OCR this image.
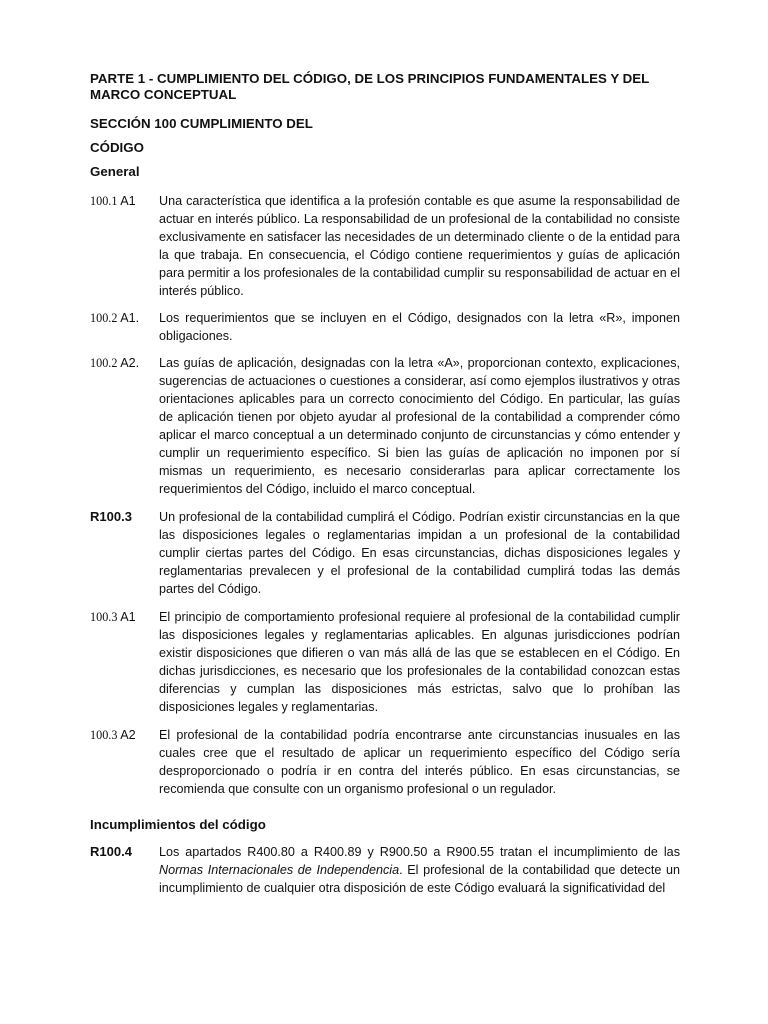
PARTE 1 - CUMPLIMIENTO DEL CÓDIGO, DE LOS PRINCIPIOS FUNDAMENTALES Y DEL MARCO CONCEPTUAL

SECCIÓN 100 CUMPLIMIENTO DEL

CÓDIGO

General

100.1 A1 Una característica que identifica a la profesión contable es que asume la responsabilidad de actuar en interés público. La responsabilidad de un profesional de la contabilidad no consiste exclusivamente en satisfacer las necesidades de un determinado cliente o de la entidad para la que trabaja. En consecuencia, el Código contiene requerimientos y guías de aplicación para permitir a los profesionales de la contabilidad cumplir su responsabilidad de actuar en el interés público.

100.2 A1. Los requerimientos que se incluyen en el Código, designados con la letra «R», imponen obligaciones.

100.2 A2. Las guías de aplicación, designadas con la letra «A», proporcionan contexto, explicaciones, sugerencias de actuaciones o cuestiones a considerar, así como ejemplos ilustrativos y otras orientaciones aplicables para un correcto conocimiento del Código. En particular, las guías de aplicación tienen por objeto ayudar al profesional de la contabilidad a comprender cómo aplicar el marco conceptual a un determinado conjunto de circunstancias y cómo entender y cumplir un requerimiento específico. Si bien las guías de aplicación no imponen por sí mismas un requerimiento, es necesario considerarlas para aplicar correctamente los requerimientos del Código, incluido el marco conceptual.

R100.3 Un profesional de la contabilidad cumplirá el Código. Podrían existir circunstancias en la que las disposiciones legales o reglamentarias impidan a un profesional de la contabilidad cumplir ciertas partes del Código. En esas circunstancias, dichas disposiciones legales y reglamentarias prevalecen y el profesional de la contabilidad cumplirá todas las demás partes del Código.

100.3 A1 El principio de comportamiento profesional requiere al profesional de la contabilidad cumplir las disposiciones legales y reglamentarias aplicables. En algunas jurisdicciones podrían existir disposiciones que difieren o van más allá de las que se establecen en el Código. En dichas jurisdicciones, es necesario que los profesionales de la contabilidad conozcan estas diferencias y cumplan las disposiciones más estrictas, salvo que lo prohíban las disposiciones legales y reglamentarias.

100.3 A2 El profesional de la contabilidad podría encontrarse ante circunstancias inusuales en las cuales cree que el resultado de aplicar un requerimiento específico del Código sería desproporcionado o podría ir en contra del interés público. En esas circunstancias, se recomienda que consulte con un organismo profesional o un regulador.

Incumplimientos del código

R100.4 Los apartados R400.80 a R400.89 y R900.50 a R900.55 tratan el incumplimiento de las Normas Internacionales de Independencia. El profesional de la contabilidad que detecte un incumplimiento de cualquier otra disposición de este Código evaluará la significatividad del
